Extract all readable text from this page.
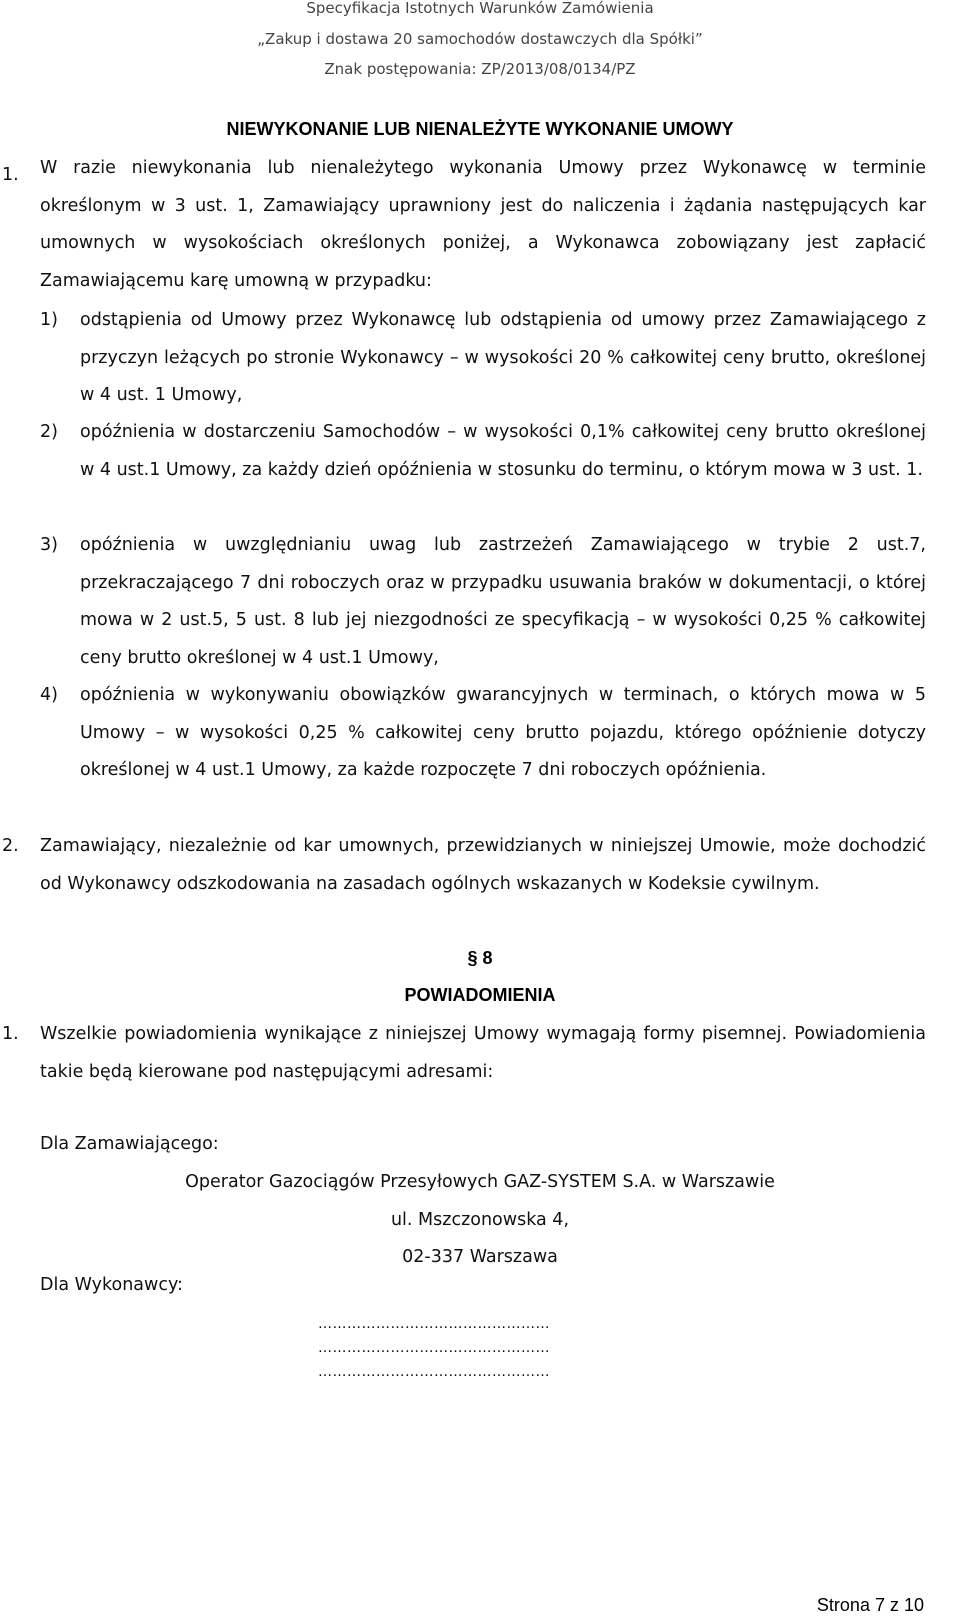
Specyfikacja Istotnych Warunków Zamówienia
„Zakup i dostawa 20 samochodów dostawczych dla Spółki”
Znak postępowania: ZP/2013/08/0134/PZ
NIEWYKONANIE LUB NIENALEŻYTE WYKONANIE UMOWY
1. W razie niewykonania lub nienależytego wykonania Umowy przez Wykonawcę w terminie określonym w 3 ust. 1, Zamawiający uprawniony jest do naliczenia i żądania następujących kar umownych w wysokościach określonych poniżej, a Wykonawca zobowiązany jest zapłacić Zamawiającemu karę umowną w przypadku:

1) odstąpienia od Umowy przez Wykonawcę lub odstąpienia od umowy przez Zamawiającego z przyczyn leżących po stronie Wykonawcy – w wysokości 20 % całkowitej ceny brutto, określonej w 4 ust. 1 Umowy,

2) opóźnienia w dostarczeniu Samochodów – w wysokości 0,1% całkowitej ceny brutto określonej w 4 ust.1 Umowy, za każdy dzień opóźnienia w stosunku do terminu, o którym mowa w 3 ust. 1.

3) opóźnienia w uwzględnianiu uwag lub zastrzeżeń Zamawiającego w trybie 2 ust.7, przekraczającego 7 dni roboczych oraz w przypadku usuwania braków w dokumentacji, o której mowa w 2 ust.5, 5 ust. 8 lub jej niezgodności ze specyfikacją – w wysokości 0,25 % całkowitej ceny brutto określonej w 4 ust.1 Umowy,

4) opóźnienia w wykonywaniu obowiązków gwarancyjnych w terminach, o których mowa w 5 Umowy – w wysokości 0,25 % całkowitej ceny brutto pojazdu, którego opóźnienie dotyczy określonej w 4 ust.1 Umowy, za każde rozpoczęte 7 dni roboczych opóźnienia.

2. Zamawiający, niezależnie od kar umownych, przewidzianych w niniejszej Umowie, może dochodzić od Wykonawcy odszkodowania na zasadach ogólnych wskazanych w Kodeksie cywilnym.

§ 8
POWIADOMIENIA
1. Wszelkie powiadomienia wynikające z niniejszej Umowy wymagają formy pisemnej. Powiadomienia takie będą kierowane pod następującymi adresami:

Dla Zamawiającego:
Operator Gazociągów Przesyłowych GAZ-SYSTEM S.A. w Warszawie
ul. Mszczonowska 4,
02-337 Warszawa
Dla Wykonawcy:
…………………………………………
…………………………………………
…………………………………………
Strona 7 z 10
